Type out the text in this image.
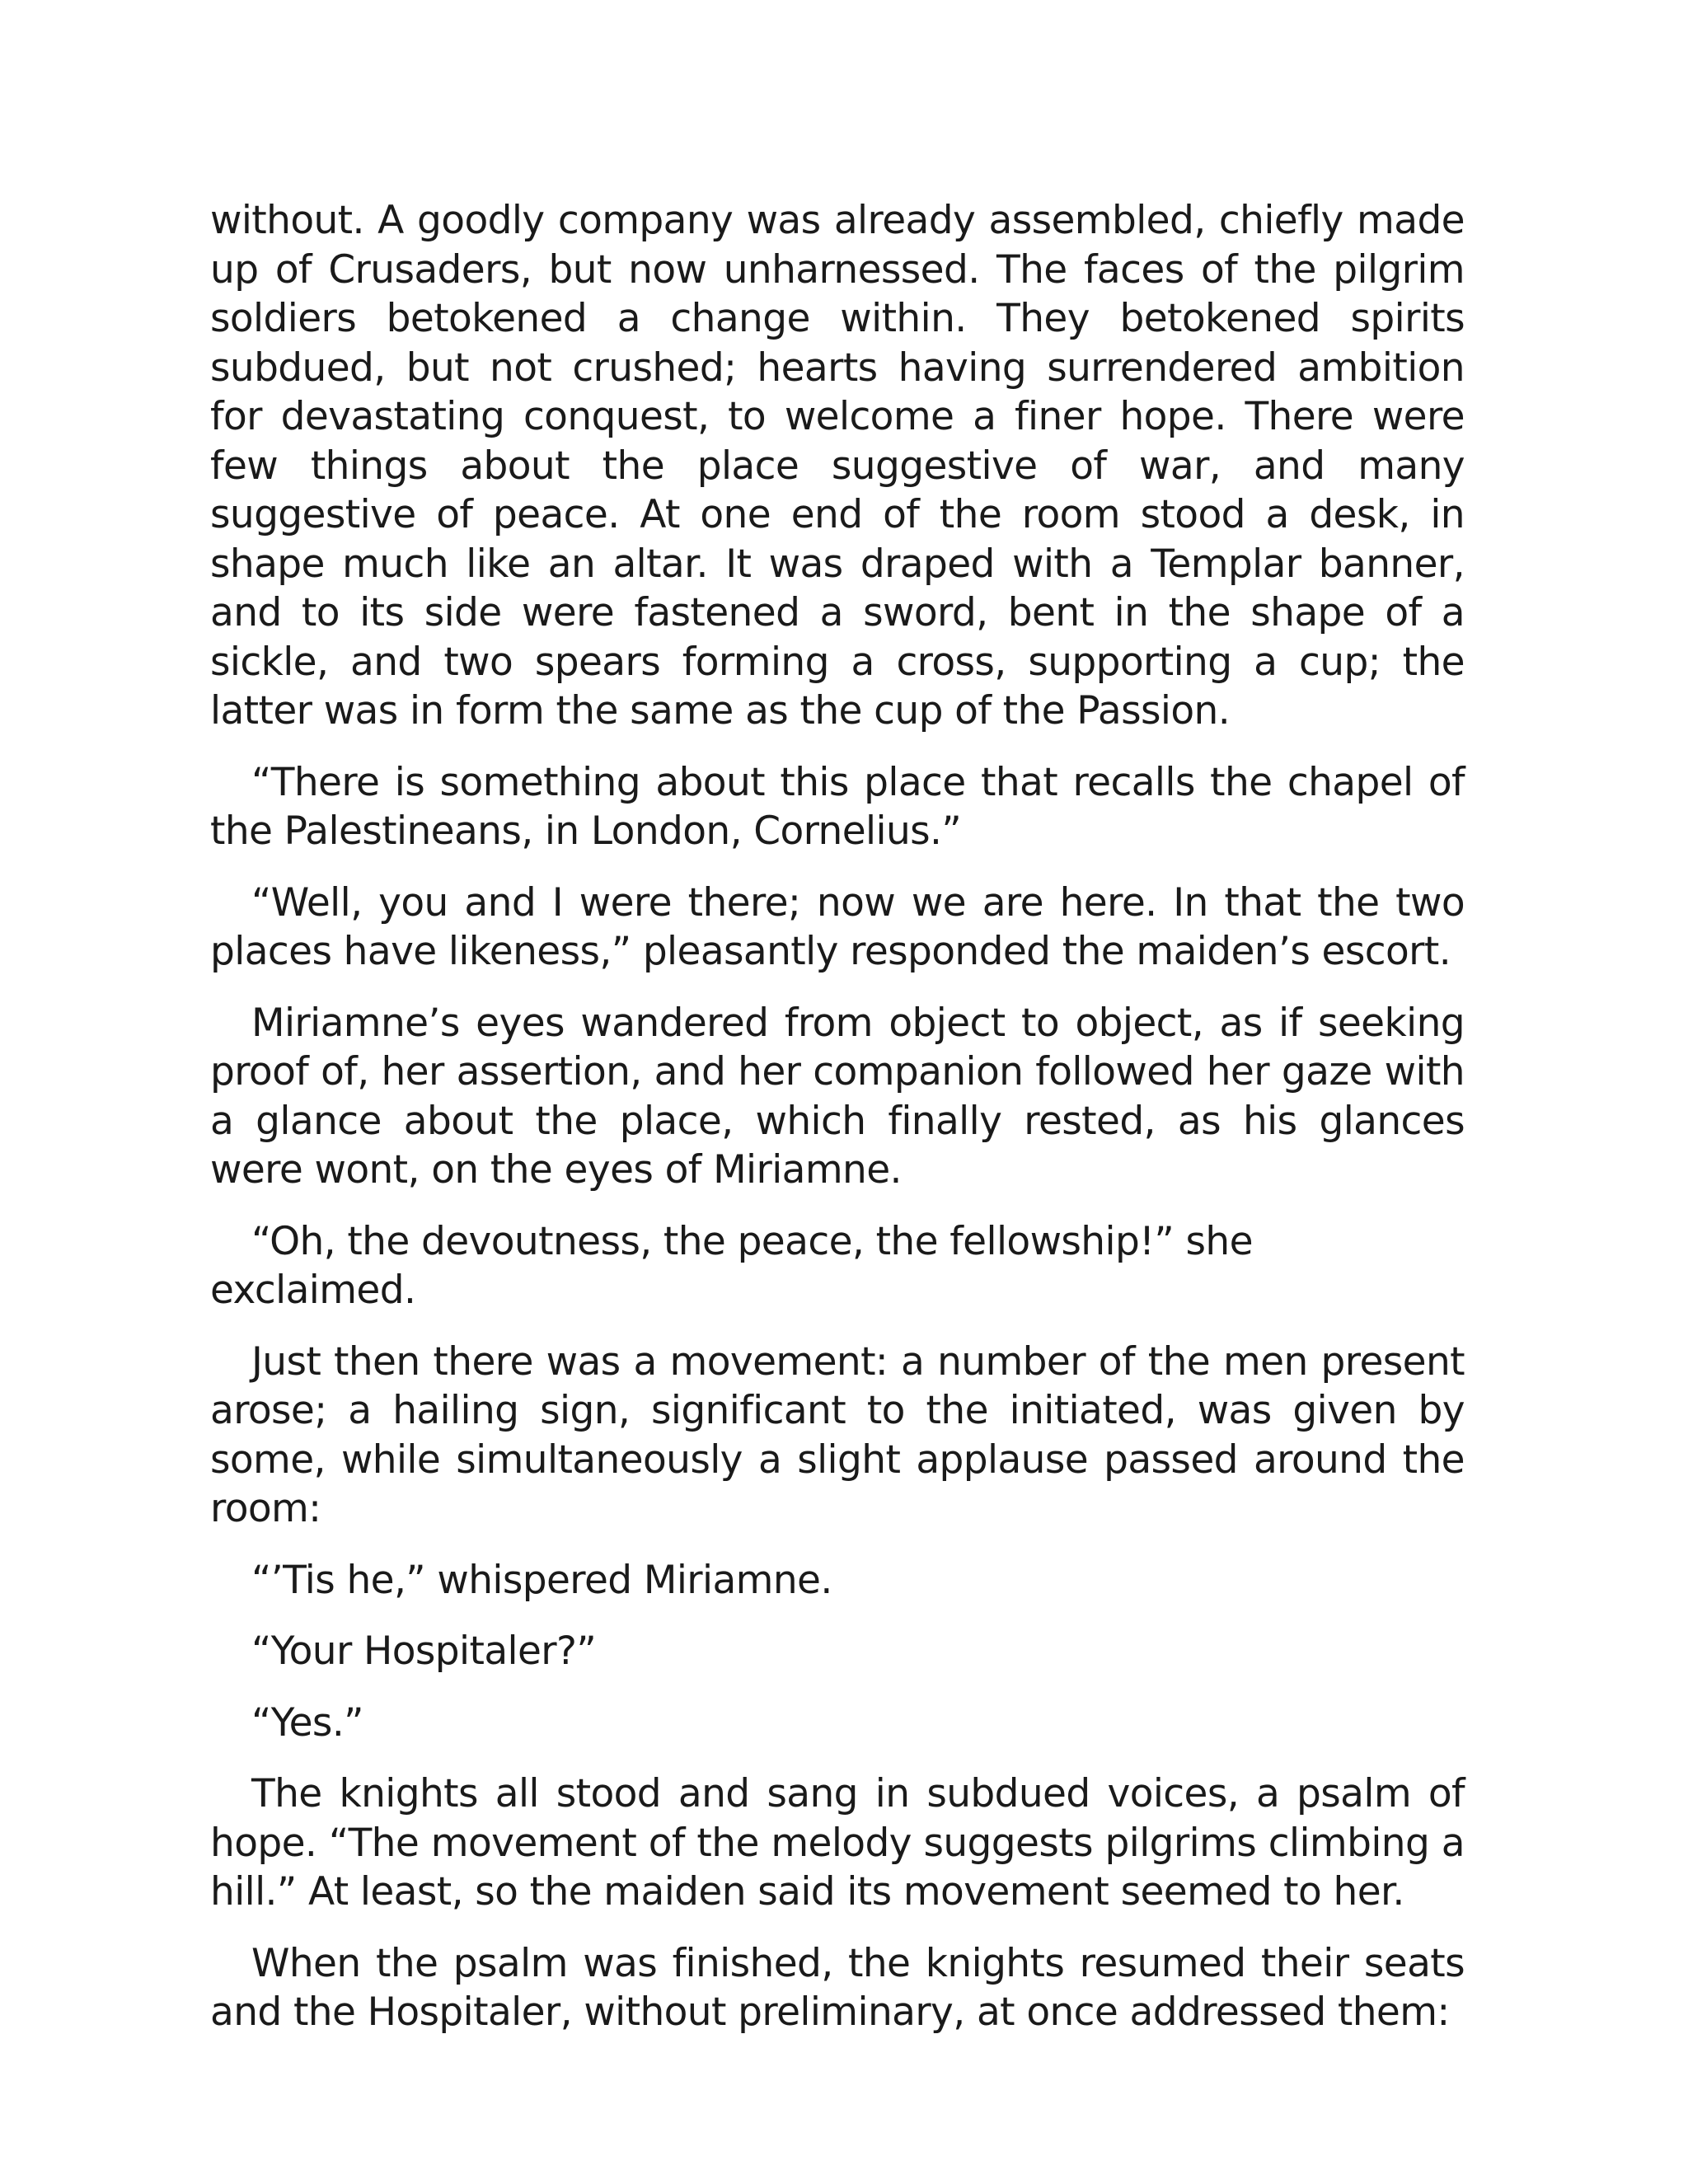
without. A goodly company was already assembled, chiefly made up of Crusaders, but now unharnessed. The faces of the pilgrim soldiers betokened a change within. They betokened spirits subdued, but not crushed; hearts having surrendered ambition for devastating conquest, to welcome a finer hope. There were few things about the place suggestive of war, and many suggestive of peace. At one end of the room stood a desk, in shape much like an altar. It was draped with a Templar banner, and to its side were fastened a sword, bent in the shape of a sickle, and two spears forming a cross, supporting a cup; the latter was in form the same as the cup of the Passion.

“There is something about this place that recalls the chapel of the Palestineans, in London, Cornelius.”

“Well, you and I were there; now we are here. In that the two places have likeness,” pleasantly responded the maiden’s escort.

Miriamne’s eyes wandered from object to object, as if seeking proof of, her assertion, and her companion followed her gaze with a glance about the place, which finally rested, as his glances were wont, on the eyes of Miriamne.

“Oh, the devoutness, the peace, the fellowship!” she exclaimed.

Just then there was a movement: a number of the men present arose; a hailing sign, significant to the initiated, was given by some, while simultaneously a slight applause passed around the room:

“’Tis he,” whispered Miriamne.

“Your Hospitaler?”

“Yes.”

The knights all stood and sang in subdued voices, a psalm of hope. “The movement of the melody suggests pilgrims climbing a hill.” At least, so the maiden said its movement seemed to her.

When the psalm was finished, the knights resumed their seats and the Hospitaler, without preliminary, at once addressed them:
